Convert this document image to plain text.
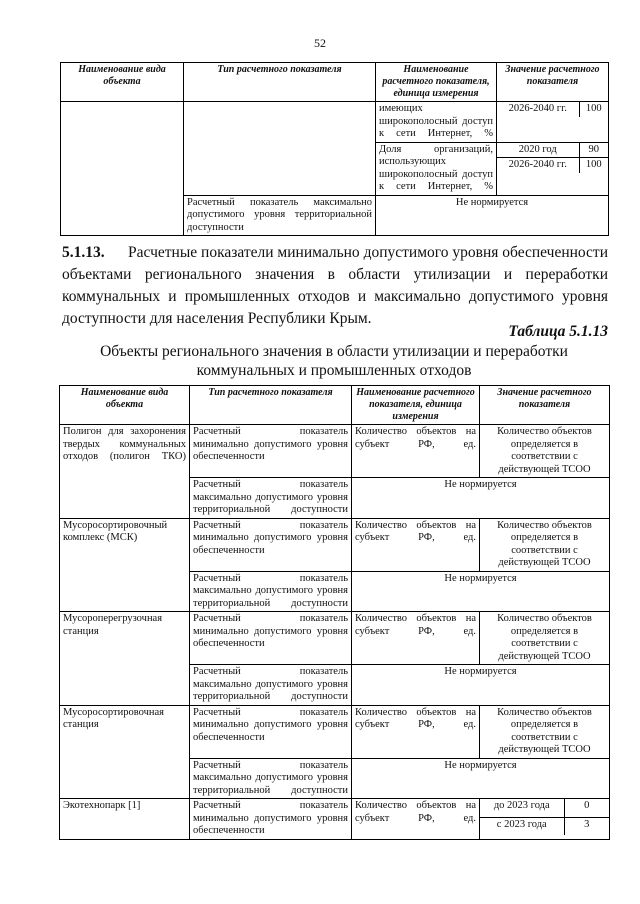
52
Наименование вида объекта	Тип расчетного показателя	Наименование расчетного показателя, единица измерения	Значение расчетного показателя
		имеющих широкополосный доступ к сети Интернет, %	
2026-2040 гг.	100

Доля организаций, использующих широкополосный доступ к сети Интернет, %	
2020 год	90
2026-2040 гг.	100

Расчетный показатель максимально допустимого уровня территориальной доступности	Не нормируется
5.1.13. Расчетные показатели минимально допустимого уровня обеспеченности объектами регионального значения в области утилизации и переработки коммунальных и промышленных отходов и максимально допустимого уровня доступности для населения Республики Крым.
Таблица 5.1.13
Объекты регионального значения в области утилизации и переработки коммунальных и промышленных отходов
Наименование вида объекта	Тип расчетного показателя	Наименование расчетного показателя, единица измерения	Значение расчетного показателя
Полигон для захоронения твердых коммунальных отходов (полигон ТКО)	Расчетный показатель минимально допустимого уровня обеспеченности	Количество объектов на субъект РФ, ед.	Количество объектов определяется в соответствии с действующей ТСОО
Расчетный показатель максимально допустимого уровня территориальной доступности	Не нормируется
Мусоросортировочный комплекс (МСК)	Расчетный показатель минимально допустимого уровня обеспеченности	Количество объектов на субъект РФ, ед.	Количество объектов определяется в соответствии с действующей ТСОО
Расчетный показатель максимально допустимого уровня территориальной доступности	Не нормируется
Мусороперегрузочная станция	Расчетный показатель минимально допустимого уровня обеспеченности	Количество объектов на субъект РФ, ед.	Количество объектов определяется в соответствии с действующей ТСОО
Расчетный показатель максимально допустимого уровня территориальной доступности	Не нормируется
Мусоросортировочная станция	Расчетный показатель минимально допустимого уровня обеспеченности	Количество объектов на субъект РФ, ед.	Количество объектов определяется в соответствии с действующей ТСОО
Расчетный показатель максимально допустимого уровня территориальной доступности	Не нормируется
Экотехнопарк [1]	Расчетный показатель минимально допустимого уровня обеспеченности	Количество объектов на субъект РФ, ед.	
до 2023 года	0
с 2023 года	3
